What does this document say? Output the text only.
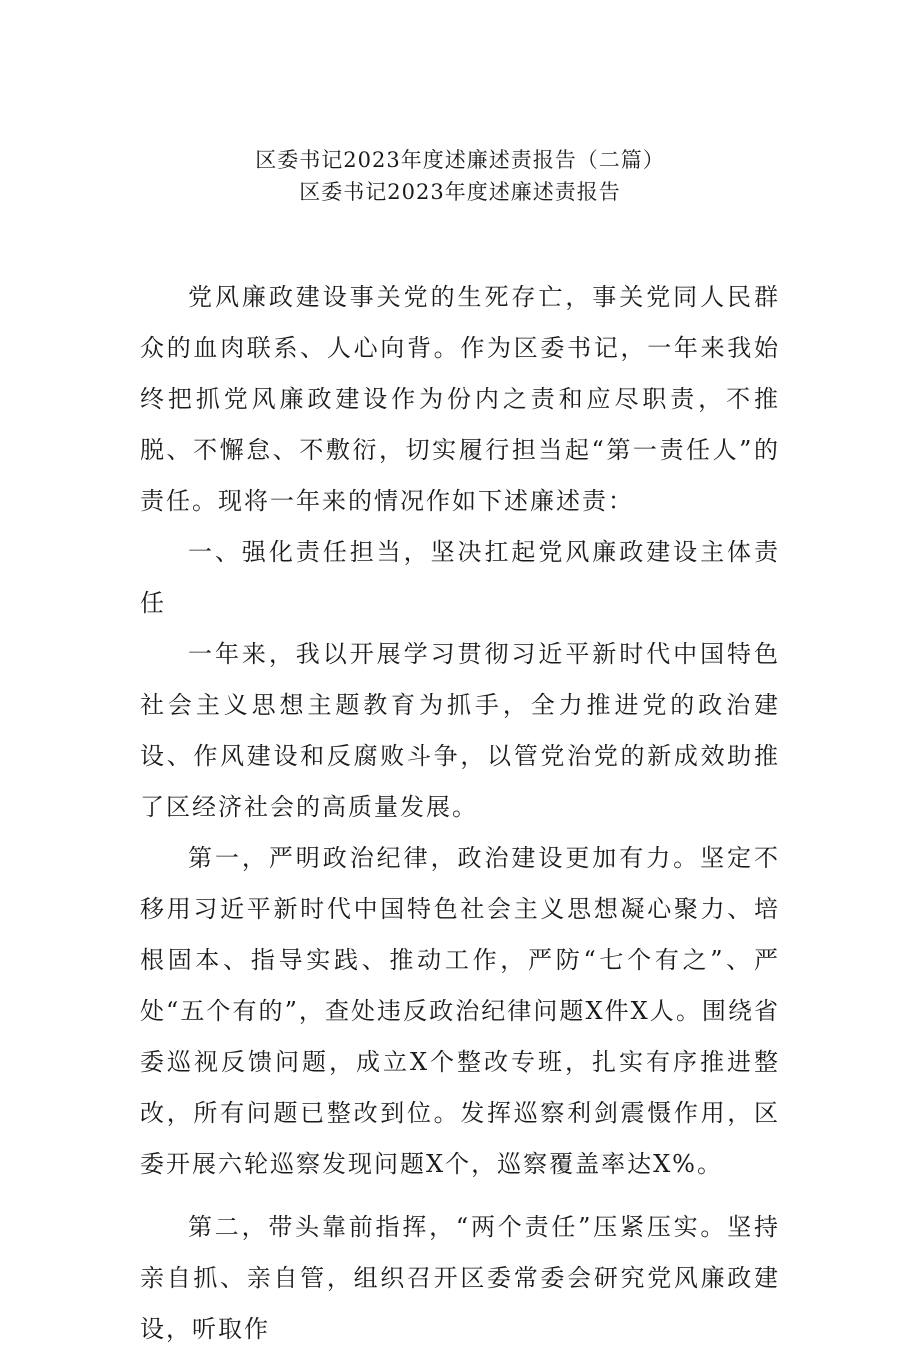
区委书记2023年度述廉述责报告（二篇）
区委书记2023年度述廉述责报告

党风廉政建设事关党的生死存亡，事关党同人民群众的血肉联系、人心向背。作为区委书记，一年来我始终把抓党风廉政建设作为份内之责和应尽职责，不推脱、不懈怠、不敷衍，切实履行担当起“第一责任人”的责任。现将一年来的情况作如下述廉述责：

一、强化责任担当，坚决扛起党风廉政建设主体责任

一年来，我以开展学习贯彻习近平新时代中国特色社会主义思想主题教育为抓手，全力推进党的政治建设、作风建设和反腐败斗争，以管党治党的新成效助推了区经济社会的高质量发展。

第一，严明政治纪律，政治建设更加有力。坚定不移用习近平新时代中国特色社会主义思想凝心聚力、培根固本、指导实践、推动工作，严防“七个有之”、严处“五个有的”，查处违反政治纪律问题X件X人。围绕省委巡视反馈问题，成立X个整改专班，扎实有序推进整改，所有问题已整改到位。发挥巡察利剑震慑作用，区委开展六轮巡察发现问题X个，巡察覆盖率达X%。

第二，带头靠前指挥，“两个责任”压紧压实。坚持亲自抓、亲自管，组织召开区委常委会研究党风廉政建设，听取作
